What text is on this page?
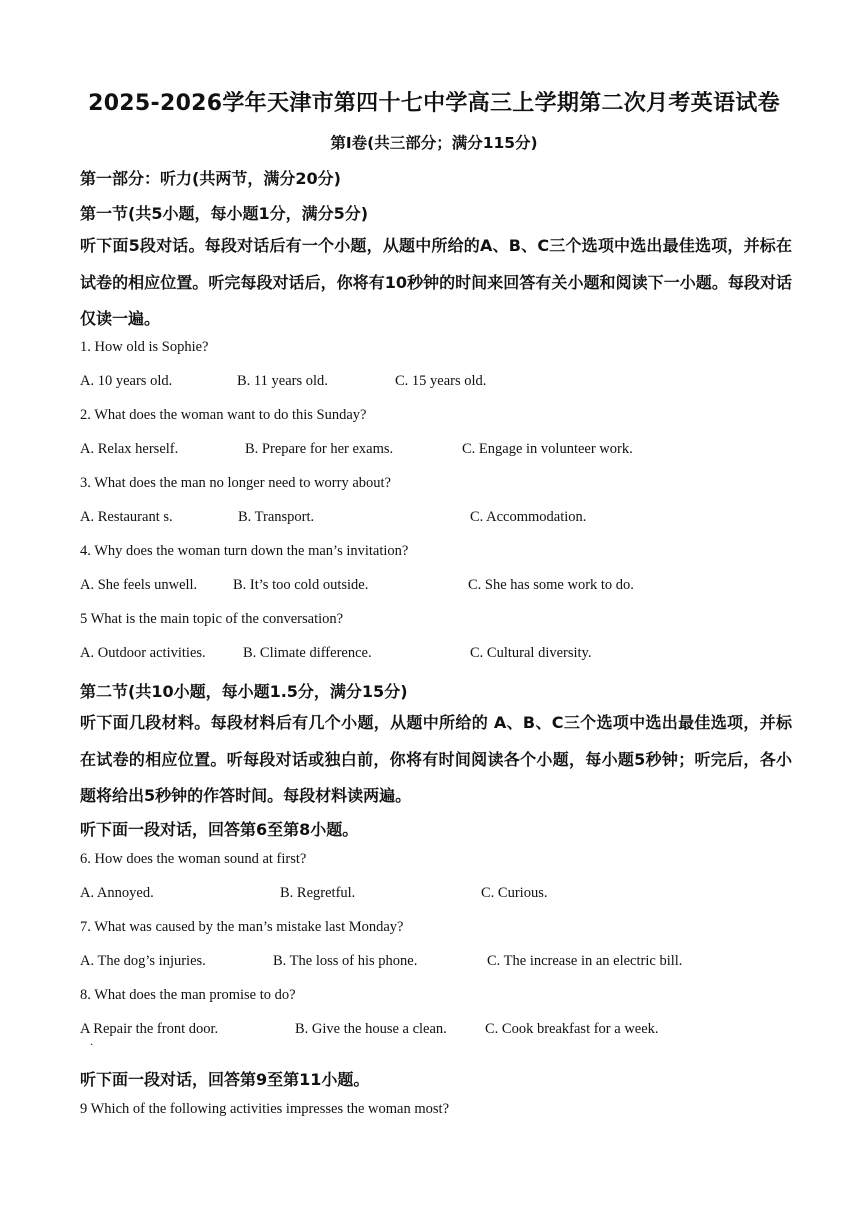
2025-2026学年天津市第四十七中学高三上学期第二次月考英语试卷
第Ⅰ卷(共三部分；满分115分)
第一部分：听力(共两节，满分20分)
第一节(共5小题，每小题1分，满分5分)
听下面5段对话。每段对话后有一个小题，从题中所给的A、B、C三个选项中选出最佳选项，并标在试卷的相应位置。听完每段对话后，你将有10秒钟的时间来回答有关小题和阅读下一小题。每段对话仅读一遍。
1. How old is Sophie?
A. 10 years old.	B. 11 years old.	C. 15 years old.
2. What does the woman want to do this Sunday?
A. Relax herself.	B. Prepare for her exams.	C. Engage in volunteer work.
3. What does the man no longer need to worry about?
A. Restaurant s.	B. Transport.	C. Accommodation.
4. Why does the woman turn down the man’s invitation?
A. She feels unwell. B. It’s too cold outside.	C. She has some work to do.
5 What is the main topic of the conversation?
A. Outdoor activities.	B. Climate difference.	C. Cultural diversity.
第二节(共10小题，每小题1.5分，满分15分)
听下面几段材料。每段材料后有几个小题，从题中所给的 A、B、C三个选项中选出最佳选项，并标在试卷的相应位置。听每段对话或独白前，你将有时间阅读各个小题，每小题5秒钟；听完后，各小题将给出5秒钟的作答时间。每段材料读两遍。
听下面一段对话，回答第6至第8小题。
6. How does the woman sound at first?
A. Annoyed.	B. Regretful.	C. Curious.
7. What was caused by the man’s mistake last Monday?
A. The dog’s injuries.	B. The loss of his phone.	C. The increase in an electric bill.
8. What does the man promise to do?
A Repair the front door.	B. Give the house a clean.	C. Cook breakfast for a week.
·
听下面一段对话，回答第9至第11小题。
9 Which of the following activities impresses the woman most?
